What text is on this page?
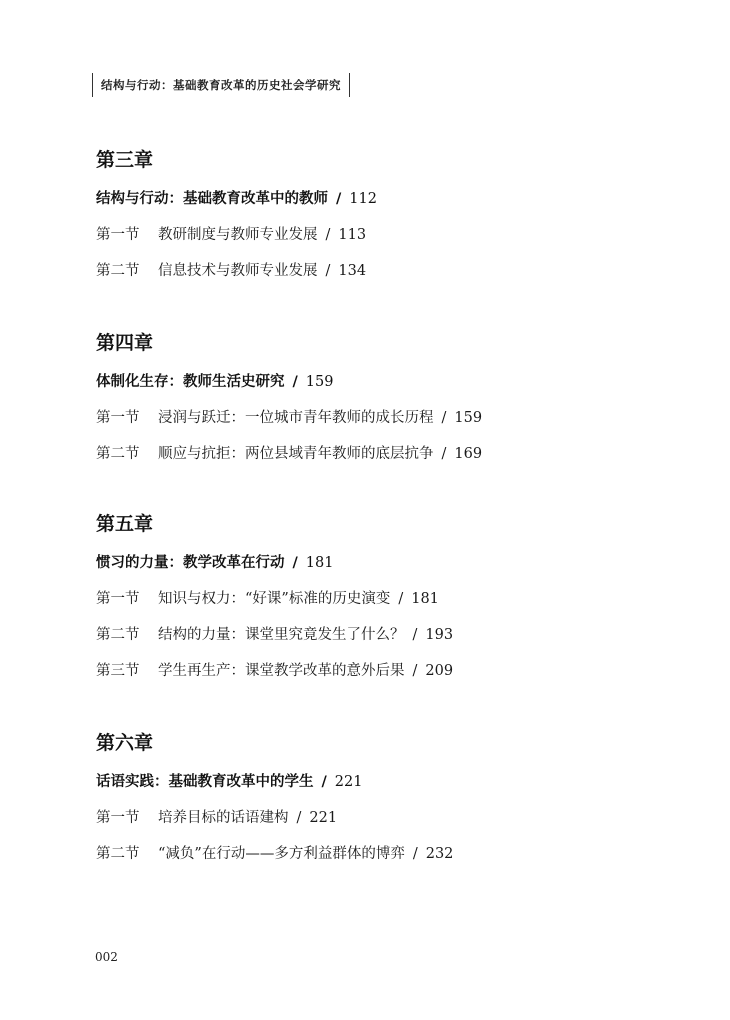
结构与行动：基础教育改革的历史社会学研究
第三章
结构与行动：基础教育改革中的教师 / 112
第一节 教研制度与教师专业发展 / 113
第二节 信息技术与教师专业发展 / 134
第四章
体制化生存：教师生活史研究 / 159
第一节 浸润与跃迁：一位城市青年教师的成长历程 / 159
第二节 顺应与抗拒：两位县域青年教师的底层抗争 / 169
第五章
惯习的力量：教学改革在行动 / 181
第一节 知识与权力：“好课”标准的历史演变 / 181
第二节 结构的力量：课堂里究竟发生了什么？ / 193
第三节 学生再生产：课堂教学改革的意外后果 / 209
第六章
话语实践：基础教育改革中的学生 / 221
第一节 培养目标的话语建构 / 221
第二节 “减负”在行动——多方利益群体的博弈 / 232
002
